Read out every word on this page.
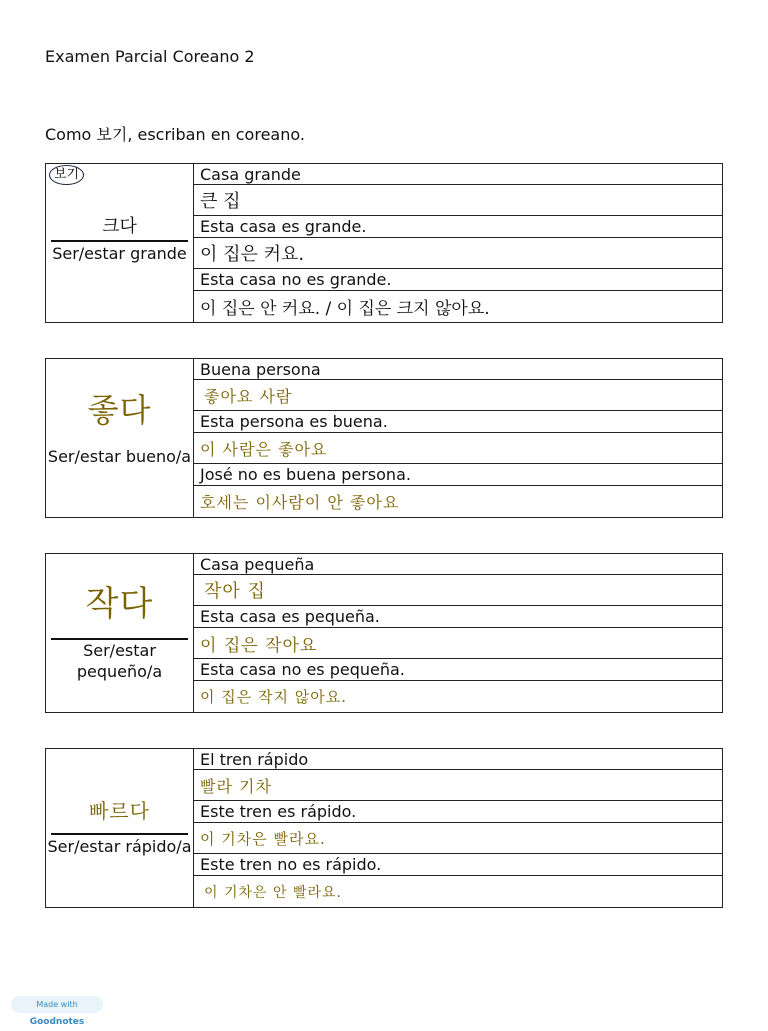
Examen Parcial Coreano 2
Como 보기, escriban en coreano.
보기
크다
Ser/estar grande
	Casa grande
큰 집
Esta casa es grande.
이 집은 커요.
Esta casa no es grande.
이 집은 안 커요. / 이 집은 크지 않아요.
좋다
Ser/estar bueno/a
	Buena persona
좋아요 사람
Esta persona es buena.
이 사람은 좋아요
José no es buena persona.
호세는 이사람이 안 좋아요
작다
Ser/estar pequeño/a
	Casa pequeña
작아 집
Esta casa es pequeña.
이 집은 작아요
Esta casa no es pequeña.
이 집은 작지 않아요.
빠르다
Ser/estar rápido/a
	El tren rápido
빨라 기차
Este tren es rápido.
이 기차은 빨라요.
Este tren no es rápido.
이 기차은 안 빨라요.
Made with Goodnotes
